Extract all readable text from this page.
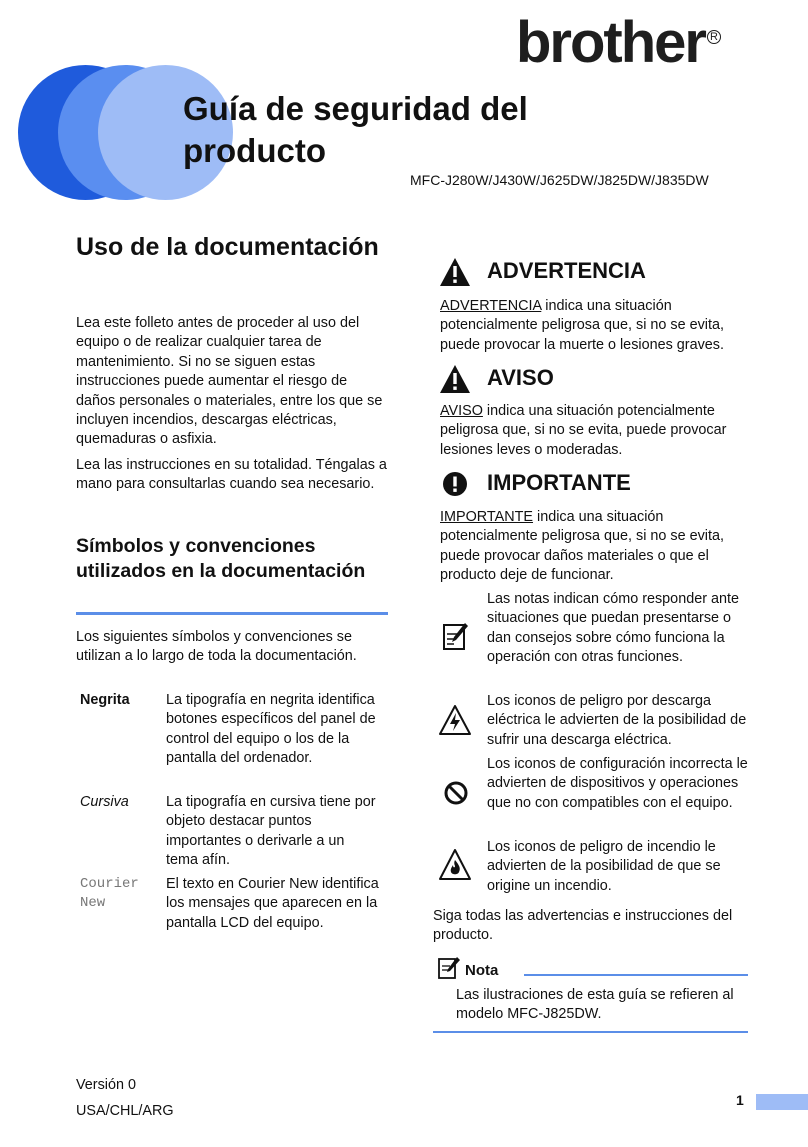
brother $^R$
Guía de seguridad del producto
MFC-J280W/J430W/J625DW/J825DW/J835DW
Uso de la documentación
Lea este folleto antes de proceder al uso del equipo o de realizar cualquier tarea de mantenimiento. Si no se siguen estas instrucciones puede aumentar el riesgo de daños personales o materiales, entre los que se incluyen incendios, descargas eléctricas, quemaduras o asfixia.
Lea las instrucciones en su totalidad. Téngalas a mano para consultarlas cuando sea necesario.
Símbolos y convenciones utilizados en la documentación
Los siguientes símbolos y convenciones se utilizan a lo largo de toda la documentación.
Negrita	La tipografía en negrita identifica botones específicos del panel de control del equipo o los de la pantalla del ordenador.
Cursiva	La tipografía en cursiva tiene por objeto destacar puntos importantes o derivarle a un tema afín.
Courier New
El texto en Courier New identifica los mensajes que aparecen en la pantalla LCD del equipo.
ADVERTENCIA
ADVERTENCIA indica una situación potencialmente peligrosa que, si no se evita, puede provocar la muerte o lesiones graves.
AVISO
AVISO indica una situación potencialmente peligrosa que, si no se evita, puede provocar lesiones leves o moderadas.
IMPORTANTE
IMPORTANTE indica una situación potencialmente peligrosa que, si no se evita, puede provocar daños materiales o que el producto deje de funcionar.
Las notas indican cómo responder ante situaciones que puedan presentarse o dan consejos sobre cómo funciona la operación con otras funciones.
Los iconos de peligro por descarga eléctrica le advierten de la posibilidad de sufrir una descarga eléctrica.
Los iconos de configuración incorrecta le advierten de dispositivos y operaciones que no con compatibles con el equipo.
Los iconos de peligro de incendio le advierten de la posibilidad de que se origine un incendio.
Siga todas las advertencias e instrucciones del producto.
Nota
Las ilustraciones de esta guía se refieren al modelo MFC-J825DW.
Versión 0
USA/CHL/ARG
1
